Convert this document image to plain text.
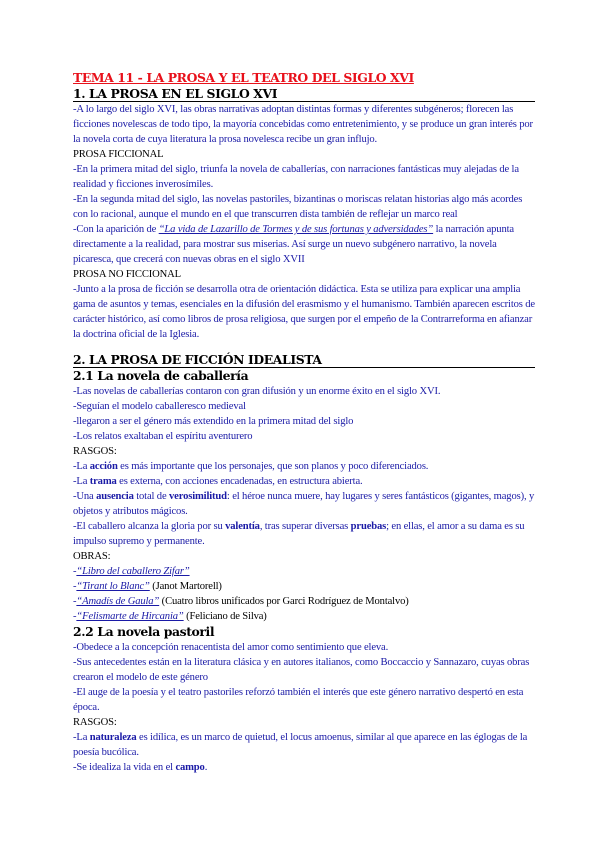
TEMA 11 - LA PROSA Y EL TEATRO DEL SIGLO XVI
1. LA PROSA EN EL SIGLO XVI
-A lo largo del siglo XVI, las obras narrativas adoptan distintas formas y diferentes subgéneros; florecen las ficciones novelescas de todo tipo, la mayoría concebidas como entretenimiento, y se produce un gran interés por la novela corta de cuya literatura la prosa novelesca recibe un gran influjo.
PROSA FICCIONAL
-En la primera mitad del siglo, triunfa la novela de caballerías, con narraciones fantásticas muy alejadas de la realidad y ficciones inverosímiles.
-En la segunda mitad del siglo, las novelas pastoriles, bizantinas o moriscas relatan historias algo más acordes con lo racional, aunque el mundo en el que transcurren dista también de reflejar un marco real
-Con la aparición de “La vida de Lazarillo de Tormes y de sus fortunas y adversidades” la narración apunta directamente a la realidad, para mostrar sus miserias. Así surge un nuevo subgénero narrativo, la novela picaresca, que crecerá con nuevas obras en el siglo XVII
PROSA NO FICCIONAL
-Junto a la prosa de ficción se desarrolla otra de orientación didáctica. Esta se utiliza para explicar una amplia gama de asuntos y temas, esenciales en la difusión del erasmismo y el humanismo. También aparecen escritos de carácter histórico, así como libros de prosa religiosa, que surgen por el empeño de la Contrarreforma en afianzar la doctrina oficial de la Iglesia.
2. LA PROSA DE FICCIÓN IDEALISTA
2.1 La novela de caballería
-Las novelas de caballerías contaron con gran difusión y un enorme éxito en el siglo XVI.
-Seguían el modelo caballeresco medieval
-llegaron a ser el género más extendido en la primera mitad del siglo
-Los relatos exaltaban el espíritu aventurero
RASGOS:
-La acción es más importante que los personajes, que son planos y poco diferenciados.
-La trama es externa, con acciones encadenadas, en estructura abierta.
-Una ausencia total de verosimilitud: el héroe nunca muere, hay lugares y seres fantásticos (gigantes, magos), y objetos y atributos mágicos.
-El caballero alcanza la gloria por su valentía, tras superar diversas pruebas; en ellas, el amor a su dama es su impulso supremo y permanente.
OBRAS:
-“Libro del caballero Zifar”
-“Tirant lo Blanc” (Janot Martorell)
-“Amadís de Gaula” (Cuatro libros unificados por Garci Rodríguez de Montalvo)
-“Felismarte de Hircania” (Feliciano de Silva)
2.2 La novela pastoril
-Obedece a la concepción renacentista del amor como sentimiento que eleva.
-Sus antecedentes están en la literatura clásica y en autores italianos, como Boccaccio y Sannazaro, cuyas obras crearon el modelo de este género
-El auge de la poesía y el teatro pastoriles reforzó también el interés que este género narrativo despertó en esta época.
RASGOS:
-La naturaleza es idílica, es un marco de quietud, el locus amoenus, similar al que aparece en las églogas de la poesía bucólica.
-Se idealiza la vida en el campo.
